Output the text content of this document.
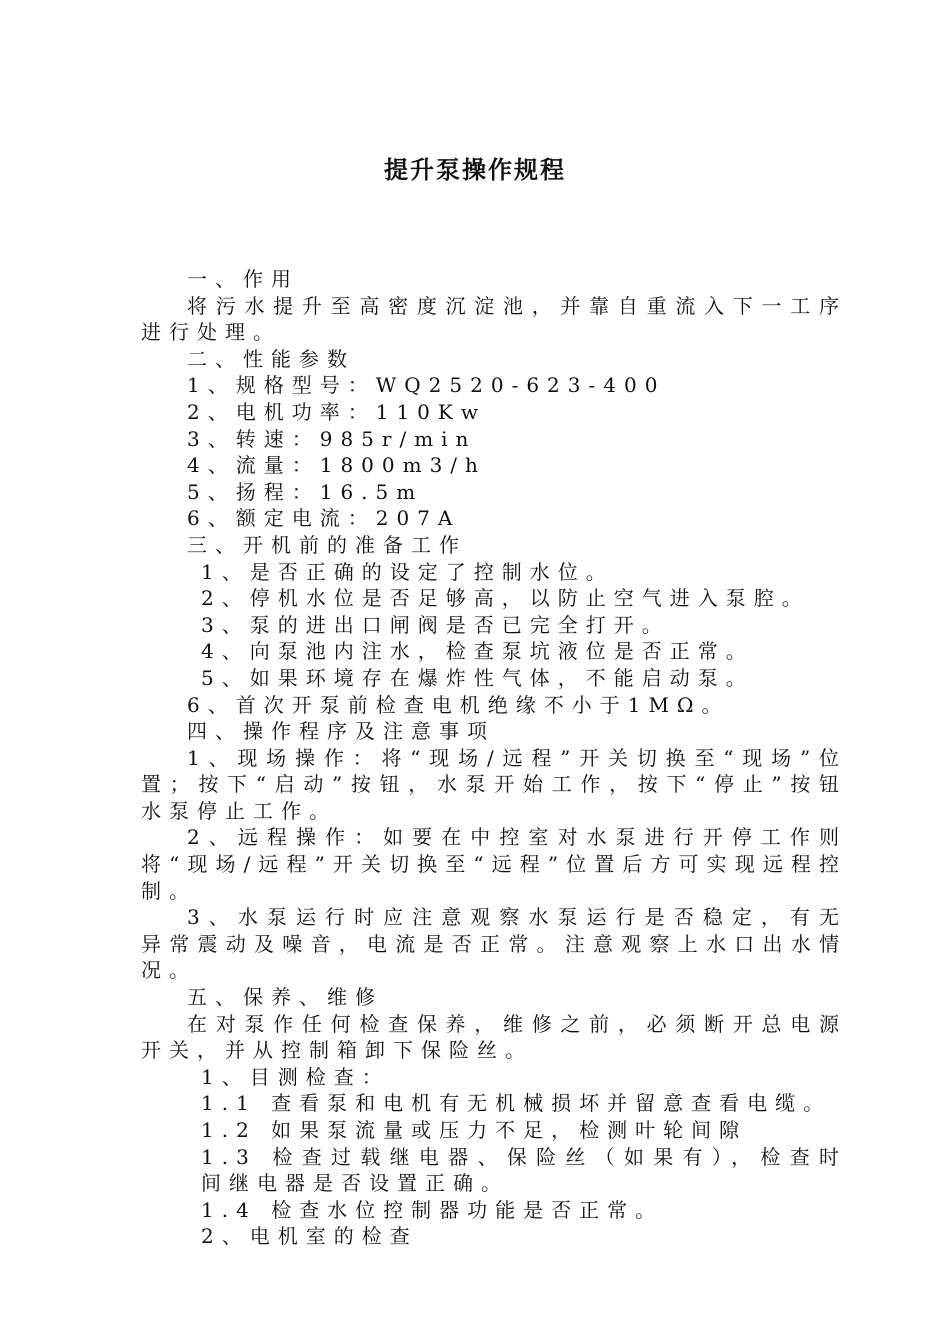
提升泵操作规程

一、作用

将污水提升至高密度沉淀池，并靠自重流入下一工序进行处理。

二、性能参数

1、规格型号：WQ2520-623-400

2、电机功率：110Kw

3、转速：985r/min

4、流量：1800m3/h

5、扬程：16.5m

6、额定电流：207A

三、开机前的准备工作

1、是否正确的设定了控制水位。

2、停机水位是否足够高，以防止空气进入泵腔。

3、泵的进出口闸阀是否已完全打开。

4、向泵池内注水，检查泵坑液位是否正常。

5、如果环境存在爆炸性气体，不能启动泵。

6、首次开泵前检查电机绝缘不小于1MΩ。

四、操作程序及注意事项

1、现场操作：将“现场/远程”开关切换至“现场”位置；按下“启动”按钮，水泵开始工作，按下“停止”按钮水泵停止工作。

2、远程操作：如要在中控室对水泵进行开停工作则将“现场/远程”开关切换至“远程”位置后方可实现远程控制。

3、水泵运行时应注意观察水泵运行是否稳定，有无异常震动及噪音，电流是否正常。注意观察上水口出水情况。

五、保养、维修

在对泵作任何检查保养，维修之前，必须断开总电源开关，并从控制箱卸下保险丝。

1、目测检查：

1.1 查看泵和电机有无机械损坏并留意查看电缆。

1.2 如果泵流量或压力不足，检测叶轮间隙

1.3 检查过载继电器、保险丝（如果有），检查时间继电器是否设置正确。

1.4 检查水位控制器功能是否正常。

2、电机室的检查
